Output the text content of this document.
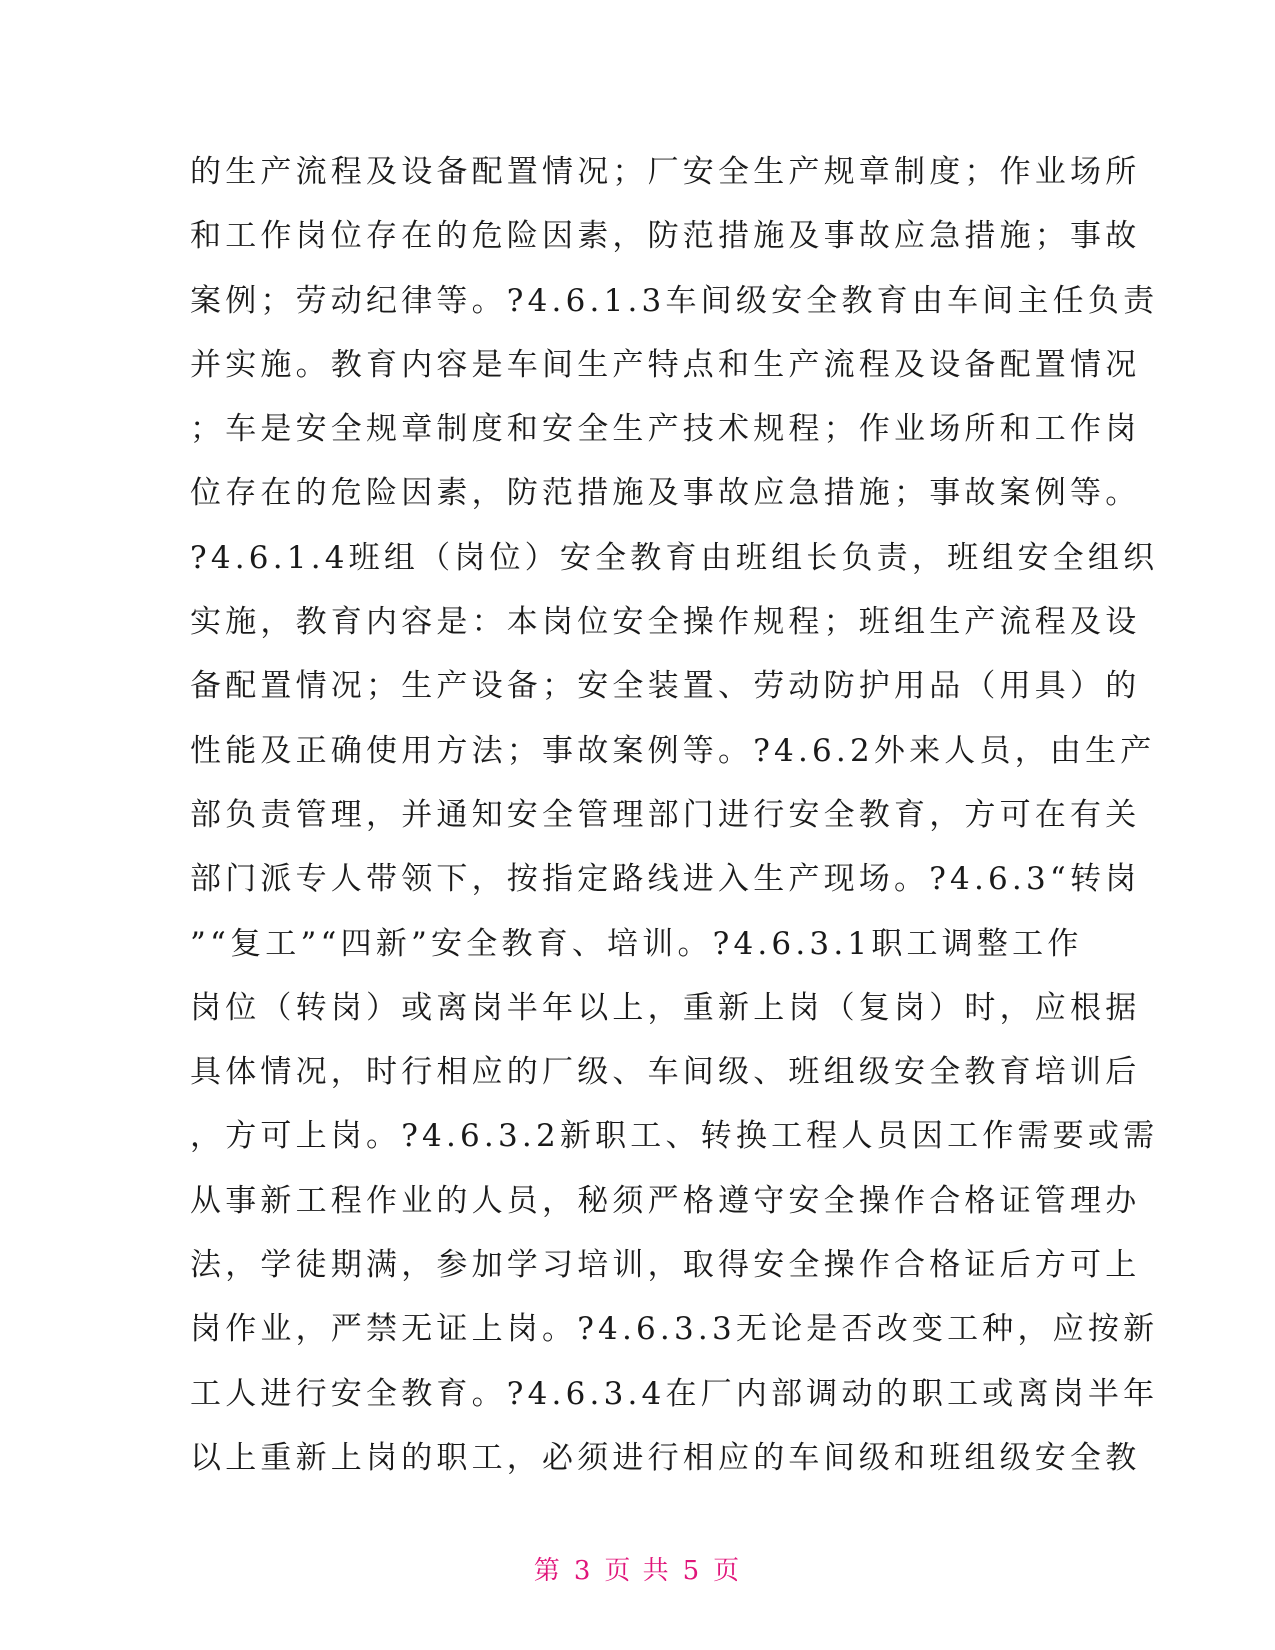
的生产流程及设备配置情况；厂安全生产规章制度；作业场所
和工作岗位存在的危险因素，防范措施及事故应急措施；事故
案例；劳动纪律等。?4.6.1.3车间级安全教育由车间主任负责
并实施。教育内容是车间生产特点和生产流程及设备配置情况
；车是安全规章制度和安全生产技术规程；作业场所和工作岗
位存在的危险因素，防范措施及事故应急措施；事故案例等。
?4.6.1.4班组（岗位）安全教育由班组长负责，班组安全组织
实施，教育内容是：本岗位安全操作规程；班组生产流程及设
备配置情况；生产设备；安全装置、劳动防护用品（用具）的
性能及正确使用方法；事故案例等。?4.6.2外来人员，由生产
部负责管理，并通知安全管理部门进行安全教育，方可在有关
部门派专人带领下，按指定路线进入生产现场。?4.6.3“转岗
”“复工”“四新”安全教育、培训。?4.6.3.1职工调整工作
岗位（转岗）或离岗半年以上，重新上岗（复岗）时，应根据
具体情况，时行相应的厂级、车间级、班组级安全教育培训后
，方可上岗。?4.6.3.2新职工、转换工程人员因工作需要或需
从事新工程作业的人员，秘须严格遵守安全操作合格证管理办
法，学徒期满，参加学习培训，取得安全操作合格证后方可上
岗作业，严禁无证上岗。?4.6.3.3无论是否改变工种，应按新
工人进行安全教育。?4.6.3.4在厂内部调动的职工或离岗半年
以上重新上岗的职工，必须进行相应的车间级和班组级安全教
第 3 页 共 5 页
